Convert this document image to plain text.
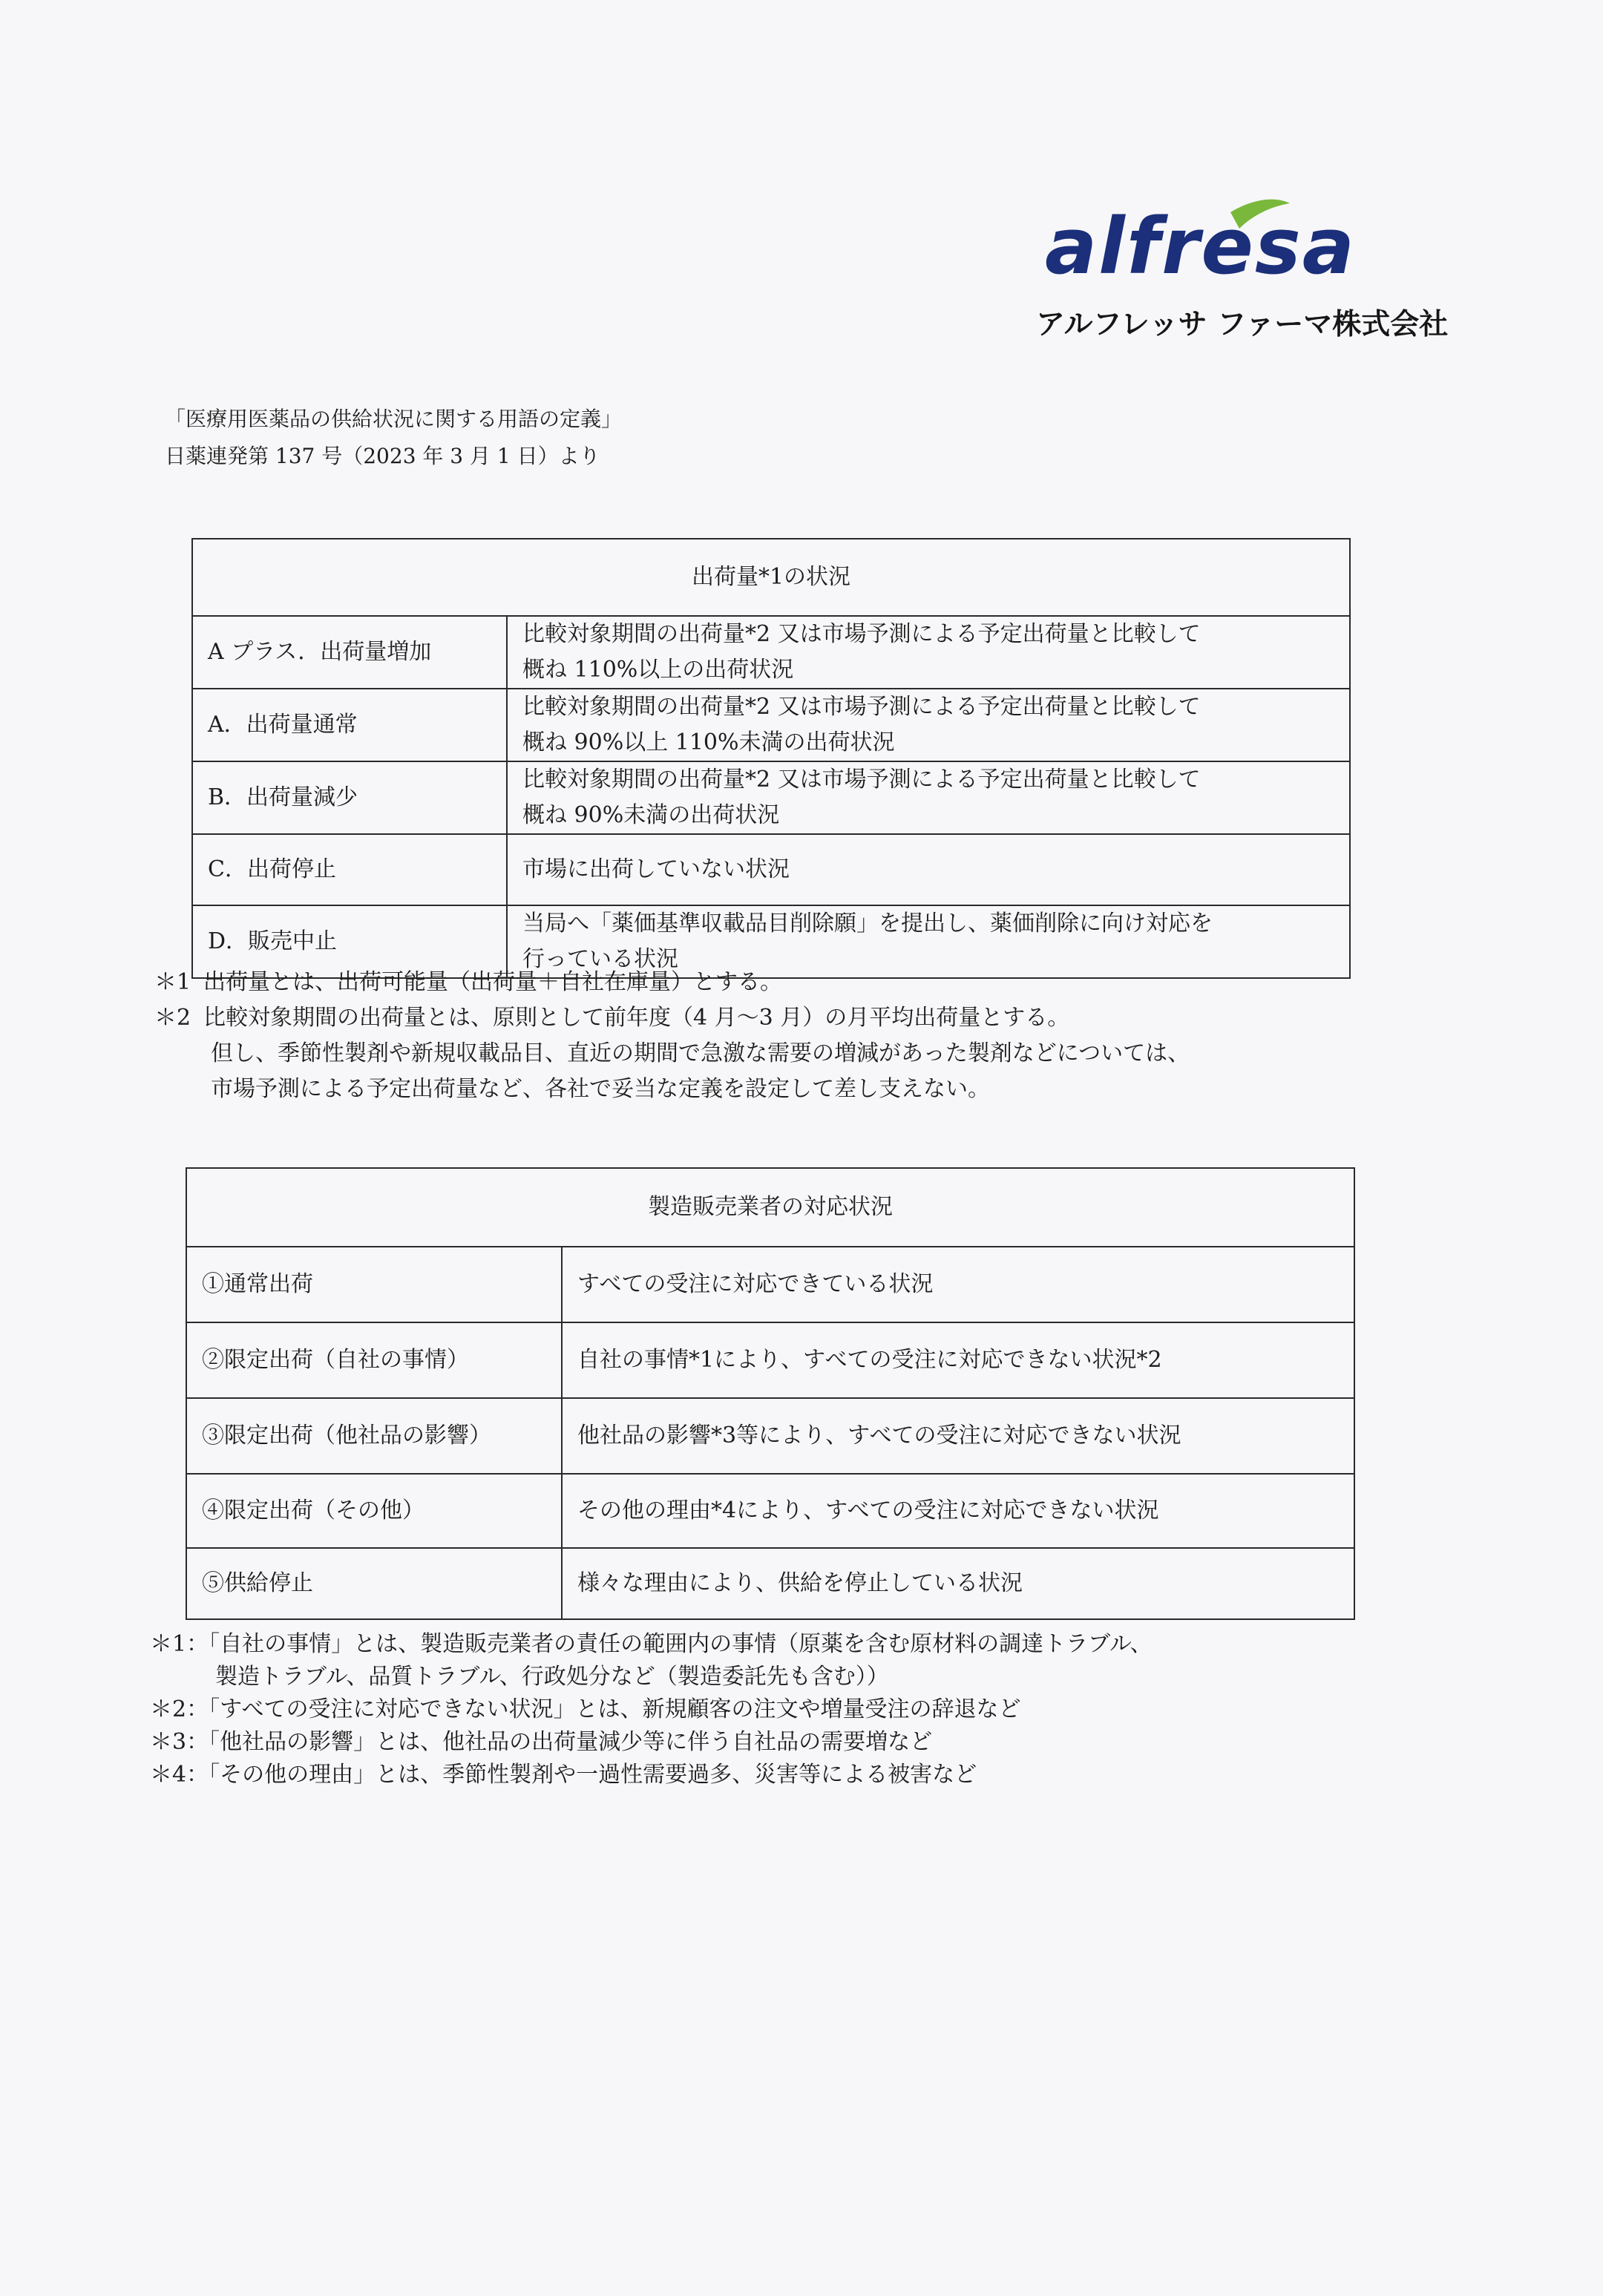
alfresa
アルフレッサ ファーマ株式会社
「医療用医薬品の供給状況に関する用語の定義」
日薬連発第 137 号（2023 年 3 月 1 日）より
出荷量*1の状況	
A プラス．出荷量増加	比較対象期間の出荷量*2 又は市場予測による予定出荷量と比較して
概ね 110%以上の出荷状況

A．出荷量通常	比較対象期間の出荷量*2 又は市場予測による予定出荷量と比較して
概ね 90%以上 110%未満の出荷状況

B．出荷量減少	比較対象期間の出荷量*2 又は市場予測による予定出荷量と比較して
概ね 90%未満の出荷状況

C．出荷停止	市場に出荷していない状況
D．販売中止	当局へ「薬価基準収載品目削除願」を提出し、薬価削除に向け対応を
行っている状況
＊1 出荷量とは、出荷可能量（出荷量＋自社在庫量）とする。
＊2 比較対象期間の出荷量とは、原則として前年度（4 月～3 月）の月平均出荷量とする。
但し、季節性製剤や新規収載品目、直近の期間で急激な需要の増減があった製剤などについては、
市場予測による予定出荷量など、各社で妥当な定義を設定して差し支えない。
製造販売業者の対応状況	
①通常出荷	すべての受注に対応できている状況
②限定出荷（自社の事情）	自社の事情*1により、すべての受注に対応できない状況*2
③限定出荷（他社品の影響）	他社品の影響*3等により、すべての受注に対応できない状況
④限定出荷（その他）	その他の理由*4により、すべての受注に対応できない状況
⑤供給停止	様々な理由により、供給を停止している状況
＊1：「自社の事情」とは、製造販売業者の責任の範囲内の事情（原薬を含む原材料の調達トラブル、
製造トラブル、品質トラブル、行政処分など（製造委託先も含む））
＊2：「すべての受注に対応できない状況」とは、新規顧客の注文や増量受注の辞退など
＊3：「他社品の影響」とは、他社品の出荷量減少等に伴う自社品の需要増など
＊4：「その他の理由」とは、季節性製剤や一過性需要過多、災害等による被害など
